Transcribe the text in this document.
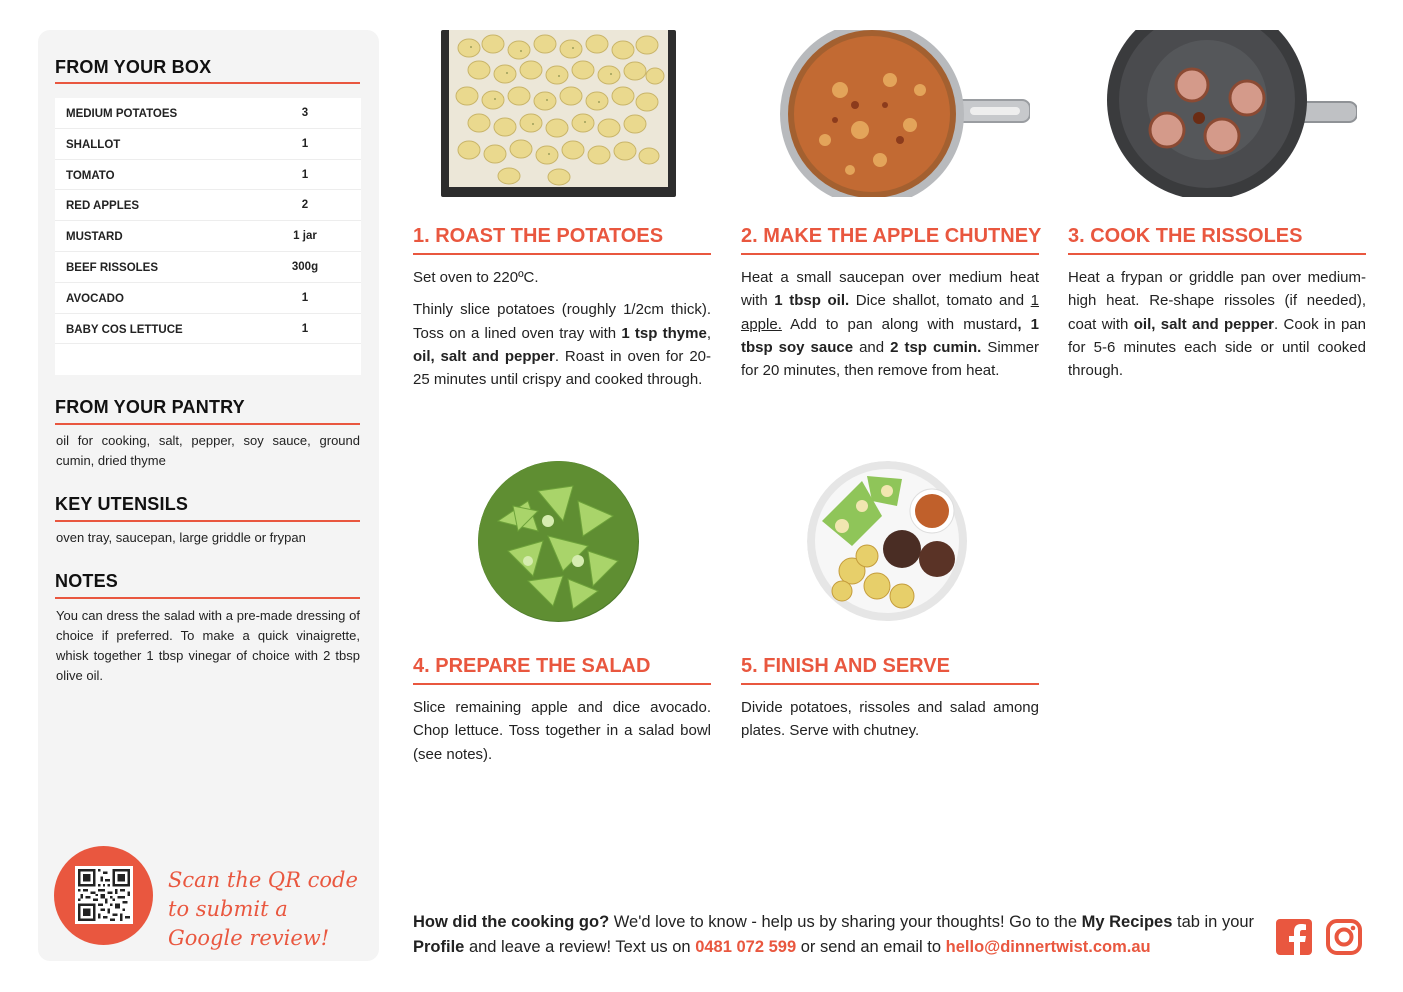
FROM YOUR BOX
MEDIUM POTATOES	3
SHALLOT	1
TOMATO	1
RED APPLES	2
MUSTARD	1 jar
BEEF RISSOLES	300g
AVOCADO	1
BABY COS LETTUCE	1
FROM YOUR PANTRY
oil for cooking, salt, pepper, soy sauce, ground cumin, dried thyme
KEY UTENSILS
oven tray, saucepan, large griddle or frypan
NOTES
You can dress the salad with a pre-made dressing of choice if preferred. To make a quick vinaigrette, whisk together 1 tbsp vinegar of choice with 2 tbsp olive oil.
Scan the QR code to submit a Google review!
1. ROAST THE POTATOES

Set oven to 220ºC.

Thinly slice potatoes (roughly 1/2cm thick). Toss on a lined oven tray with 1 tsp thyme, oil, salt and pepper. Roast in oven for 20-25 minutes until crispy and cooked through.

2. MAKE THE APPLE CHUTNEY

Heat a small saucepan over medium heat with 1 tbsp oil. Dice shallot, tomato and 1 apple. Add to pan along with mustard, 1 tbsp soy sauce and 2 tsp cumin. Simmer for 20 minutes, then remove from heat.

3. COOK THE RISSOLES

Heat a frypan or griddle pan over medium-high heat. Re-shape rissoles (if needed), coat with oil, salt and pepper. Cook in pan for 5-6 minutes each side or until cooked through.

4. PREPARE THE SALAD

Slice remaining apple and dice avocado. Chop lettuce. Toss together in a salad bowl (see notes).

5. FINISH AND SERVE

Divide potatoes, rissoles and salad among plates. Serve with chutney.

How did the cooking go? We'd love to know - help us by sharing your thoughts! Go to the My Recipes tab in your Profile and leave a review! Text us on 0481 072 599 or send an email to hello@dinnertwist.com.au
